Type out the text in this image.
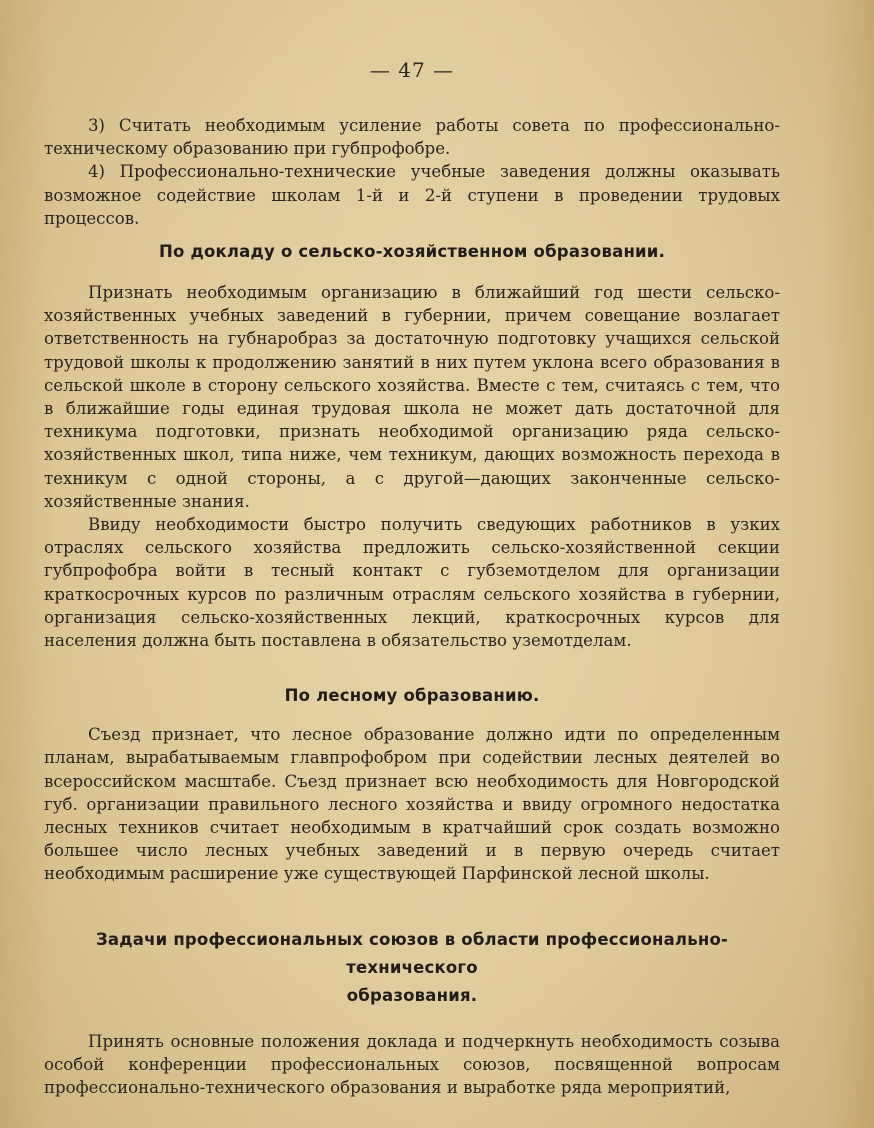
— 47 —

3) Считать необходимым усиление работы совета по профессионально-техническому образованию при губпрофобре.

4) Профессионально-технические учебные заведения должны оказывать возможное содействие школам 1-й и 2-й ступени в проведении трудовых процессов.

По докладу о сельско-хозяйственном образовании.

Признать необходимым организацию в ближайший год шести сельско-хозяйственных учебных заведений в губернии, причем совещание возлагает ответственность на губнаробраз за достаточную подготовку учащихся сельской трудовой школы к продолжению занятий в них путем уклона всего образования в сельской школе в сторону сельского хозяйства. Вместе с тем, считаясь с тем, что в ближайшие годы единая трудовая школа не может дать достаточной для техникума подготовки, признать необходимой организацию ряда сельско-хозяйственных школ, типа ниже, чем техникум, дающих возможность перехода в техникум с одной стороны, а с другой—дающих законченные сельско-хозяйственные знания.

Ввиду необходимости быстро получить сведующих работников в узких отраслях сельского хозяйства предложить сельско-хозяйственной секции губпрофобра войти в тесный контакт с губземотделом для организации краткосрочных курсов по различным отраслям сельского хозяйства в губернии, организация сельско-хозяйственных лекций, краткосрочных курсов для населения должна быть поставлена в обязательство уземотделам.

По лесному образованию.

Съезд признает, что лесное образование должно идти по определенным планам, вырабатываемым главпрофобром при содействии лесных деятелей во всероссийском масштабе. Съезд признает всю необходимость для Новгородской губ. организации правильного лесного хозяйства и ввиду огромного недостатка лесных техников считает необходимым в кратчайший срок создать возможно большее число лесных учебных заведений и в первую очередь считает необходимым расширение уже существующей Парфинской лесной школы.

Задачи профессиональных союзов в области профессионально-технического
образования.

Принять основные положения доклада и подчеркнуть необходимость созыва особой конференции профессиональных союзов, посвященной вопросам профессионально-технического образования и выработке ряда мероприятий,
